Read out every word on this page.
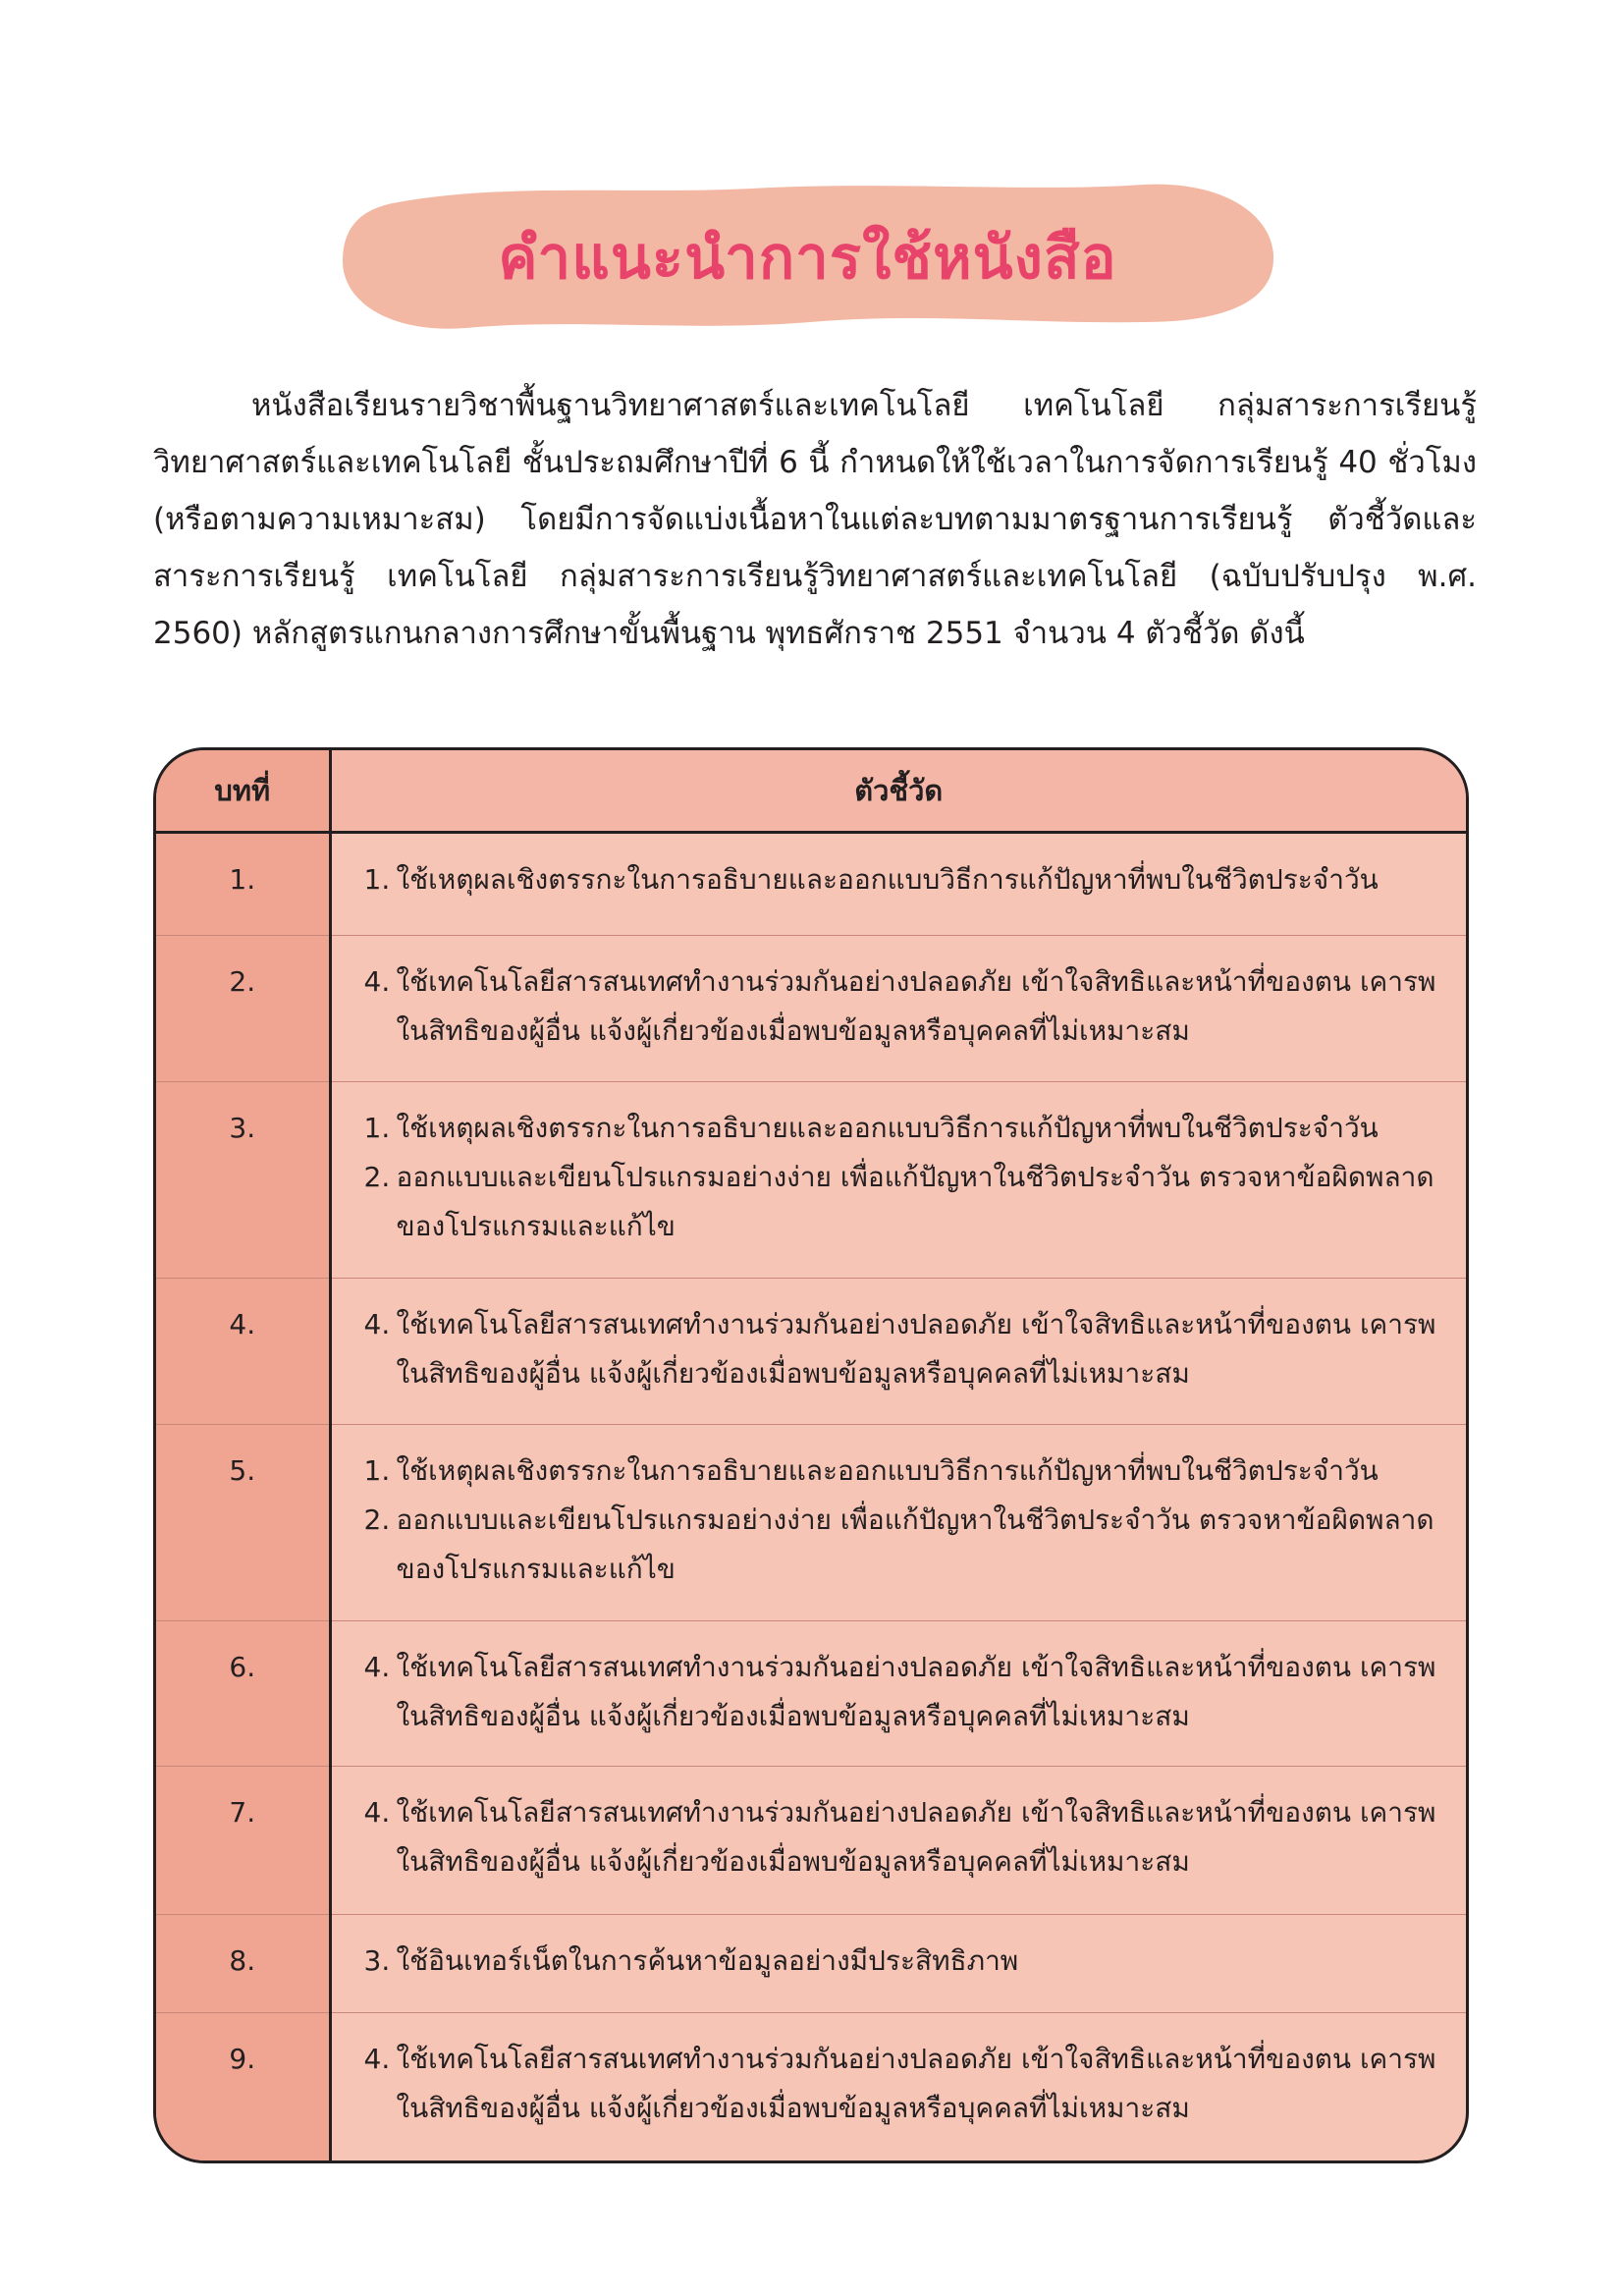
คำแนะนำการใช้หนังสือ

หนังสือเรียนรายวิชาพื้นฐานวิทยาศาสตร์และเทคโนโลยี เทคโนโลยี กลุ่มสาระการเรียนรู้วิทยาศาสตร์และเทคโนโลยี ชั้นประถมศึกษาปีที่ 6 นี้ กำหนดให้ใช้เวลาในการจัดการเรียนรู้ 40 ชั่วโมง (หรือตามความเหมาะสม) โดยมีการจัดแบ่งเนื้อหาในแต่ละบทตามมาตรฐานการเรียนรู้ ตัวชี้วัดและสาระการเรียนรู้ เทคโนโลยี กลุ่มสาระการเรียนรู้วิทยาศาสตร์และเทคโนโลยี (ฉบับปรับปรุง พ.ศ. 2560) หลักสูตรแกนกลางการศึกษาขั้นพื้นฐาน พุทธศักราช 2551 จำนวน 4 ตัวชี้วัด ดังนี้

บทที่	ตัวชี้วัด
1.	1. ใช้เหตุผลเชิงตรรกะในการอธิบายและออกแบบวิธีการแก้ปัญหาที่พบในชีวิตประจำวัน

2.	4. ใช้เทคโนโลยีสารสนเทศทำงานร่วมกันอย่างปลอดภัย เข้าใจสิทธิและหน้าที่ของตน เคารพในสิทธิของผู้อื่น แจ้งผู้เกี่ยวข้องเมื่อพบข้อมูลหรือบุคคลที่ไม่เหมาะสม

3.	1. ใช้เหตุผลเชิงตรรกะในการอธิบายและออกแบบวิธีการแก้ปัญหาที่พบในชีวิตประจำวัน
2. ออกแบบและเขียนโปรแกรมอย่างง่าย เพื่อแก้ปัญหาในชีวิตประจำวัน ตรวจหาข้อผิดพลาดของโปรแกรมและแก้ไข

4.	4. ใช้เทคโนโลยีสารสนเทศทำงานร่วมกันอย่างปลอดภัย เข้าใจสิทธิและหน้าที่ของตน เคารพในสิทธิของผู้อื่น แจ้งผู้เกี่ยวข้องเมื่อพบข้อมูลหรือบุคคลที่ไม่เหมาะสม

5.	1. ใช้เหตุผลเชิงตรรกะในการอธิบายและออกแบบวิธีการแก้ปัญหาที่พบในชีวิตประจำวัน
2. ออกแบบและเขียนโปรแกรมอย่างง่าย เพื่อแก้ปัญหาในชีวิตประจำวัน ตรวจหาข้อผิดพลาดของโปรแกรมและแก้ไข

6.	4. ใช้เทคโนโลยีสารสนเทศทำงานร่วมกันอย่างปลอดภัย เข้าใจสิทธิและหน้าที่ของตน เคารพในสิทธิของผู้อื่น แจ้งผู้เกี่ยวข้องเมื่อพบข้อมูลหรือบุคคลที่ไม่เหมาะสม

7.	4. ใช้เทคโนโลยีสารสนเทศทำงานร่วมกันอย่างปลอดภัย เข้าใจสิทธิและหน้าที่ของตน เคารพในสิทธิของผู้อื่น แจ้งผู้เกี่ยวข้องเมื่อพบข้อมูลหรือบุคคลที่ไม่เหมาะสม

8.	3. ใช้อินเทอร์เน็ตในการค้นหาข้อมูลอย่างมีประสิทธิภาพ

9.	4. ใช้เทคโนโลยีสารสนเทศทำงานร่วมกันอย่างปลอดภัย เข้าใจสิทธิและหน้าที่ของตน เคารพในสิทธิของผู้อื่น แจ้งผู้เกี่ยวข้องเมื่อพบข้อมูลหรือบุคคลที่ไม่เหมาะสม
